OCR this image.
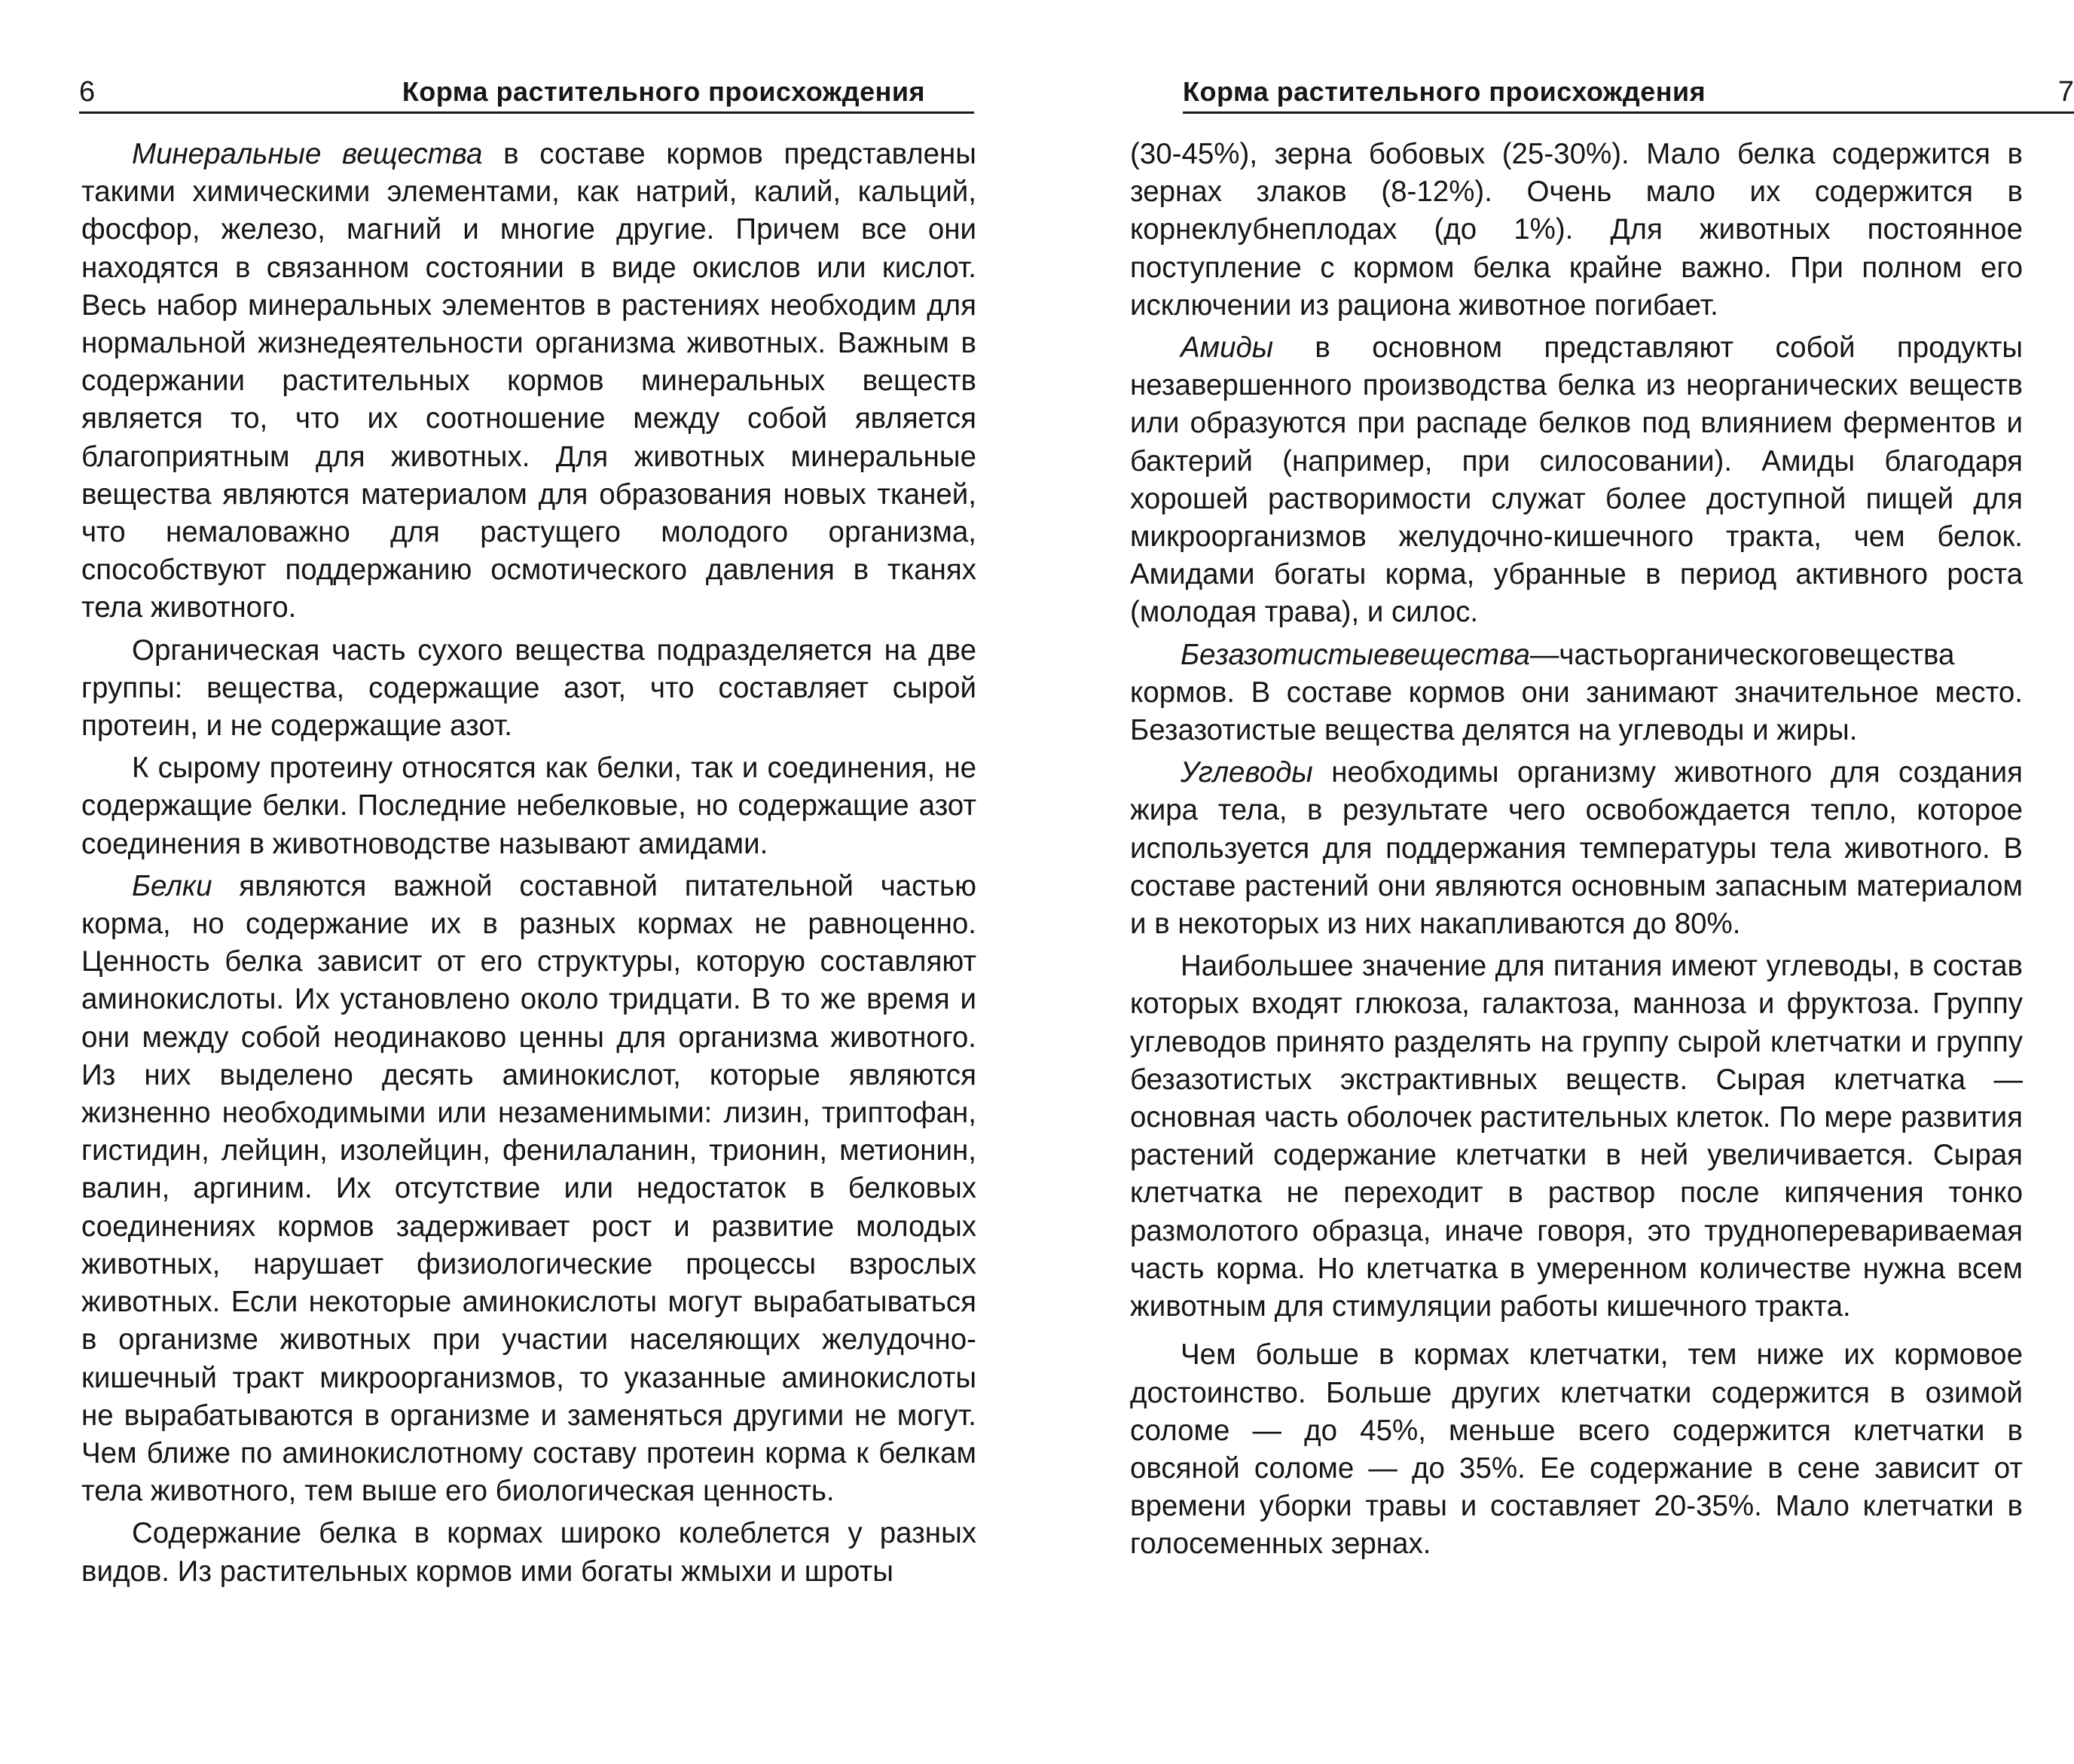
6	Корма растительного происхождения

Минеральные вещества в составе кормов представлены такими химическими элементами, как натрий, калий, кальций, фосфор, железо, магний и многие другие. Причем все они находятся в связанном состоянии в виде окислов или кислот. Весь набор минеральных элементов в растениях необходим для нормальной жизнедеятельности организма животных. Важным в содержании растительных кормов минеральных веществ является то, что их соотношение между собой является благоприятным для животных. Для животных минеральные вещества являются материалом для образования новых тканей, что немаловажно для растущего молодого организма, способствуют поддержанию осмотического давления в тканях тела животного.

Органическая часть сухого вещества подразделяется на две группы: вещества, содержащие азот, что составляет сырой протеин, и не содержащие азот.

К сырому протеину относятся как белки, так и соединения, не содержащие белки. Последние небелковые, но содержащие азот соединения в животноводстве называют амидами.

Белки являются важной составной питательной частью корма, но содержание их в разных кормах не равноценно. Ценность белка зависит от его структуры, которую составляют аминокислоты. Их установлено около тридцати. В то же время и они между собой неодинаково ценны для организма животного. Из них выделено десять аминокислот, которые являются жизненно необходимыми или незаменимыми: лизин, триптофан, гистидин, лейцин, изолейцин, фенилаланин, трионин, метионин, валин, аргиним. Их отсутствие или недостаток в белковых соединениях кормов задерживает рост и развитие молодых животных, нарушает физиологические процессы взрослых животных. Если некоторые аминокислоты могут вырабатываться в организме животных при участии населяющих желудочно-кишечный тракт микроорганизмов, то указанные аминокислоты не вырабатываются в организме и заменяться другими не могут. Чем ближе по аминокислотному составу протеин корма к белкам тела животного, тем выше его биологическая ценность.

Содержание белка в кормах широко колеблется у разных видов. Из растительных кормов ими богаты жмыхи и шроты

Корма растительного происхождения	7

(30-45%), зерна бобовых (25-30%). Мало белка содержится в зернах злаков (8-12%). Очень мало их содержится в корнеклубнеплодах (до 1%). Для животных постоянное поступление с кормом белка крайне важно. При полном его исключении из рациона животное погибает.

Амиды в основном представляют собой продукты незавершенного производства белка из неорганических веществ или образуются при распаде белков под влиянием ферментов и бактерий (например, при силосовании). Амиды благодаря хорошей растворимости служат более доступной пищей для микроорганизмов желудочно-кишечного тракта, чем белок. Амидами богаты корма, убранные в период активного роста (молодая трава), и силос.

Безазотистыевещества—частьорганическоговещества кормов. В составе кормов они занимают значительное место. Безазотистые вещества делятся на углеводы и жиры.

Углеводы необходимы организму животного для создания жира тела, в результате чего освобождается тепло, которое используется для поддержания температуры тела животного. В составе растений они являются основным запасным материалом и в некоторых из них накапливаются до 80%.

Наибольшее значение для питания имеют углеводы, в состав которых входят глюкоза, галактоза, манноза и фруктоза. Группу углеводов принято разделять на группу сырой клетчатки и группу безазотистых экстрактивных веществ. Сырая клетчатка — основная часть оболочек растительных клеток. По мере развития растений содержание клетчатки в ней увеличивается. Сырая клетчатка не переходит в раствор после кипячения тонко размолотого образца, иначе говоря, это трудноперевариваемая часть корма. Но клетчатка в умеренном количестве нужна всем животным для стимуляции работы кишечного тракта.

Чем больше в кормах клетчатки, тем ниже их кормовое достоинство. Больше других клетчатки содержится в озимой соломе — до 45%, меньше всего содержится клетчатки в овсяной соломе — до 35%. Ее содержание в сене зависит от времени уборки травы и составляет 20-35%. Мало клетчатки в голосеменных зернах.
